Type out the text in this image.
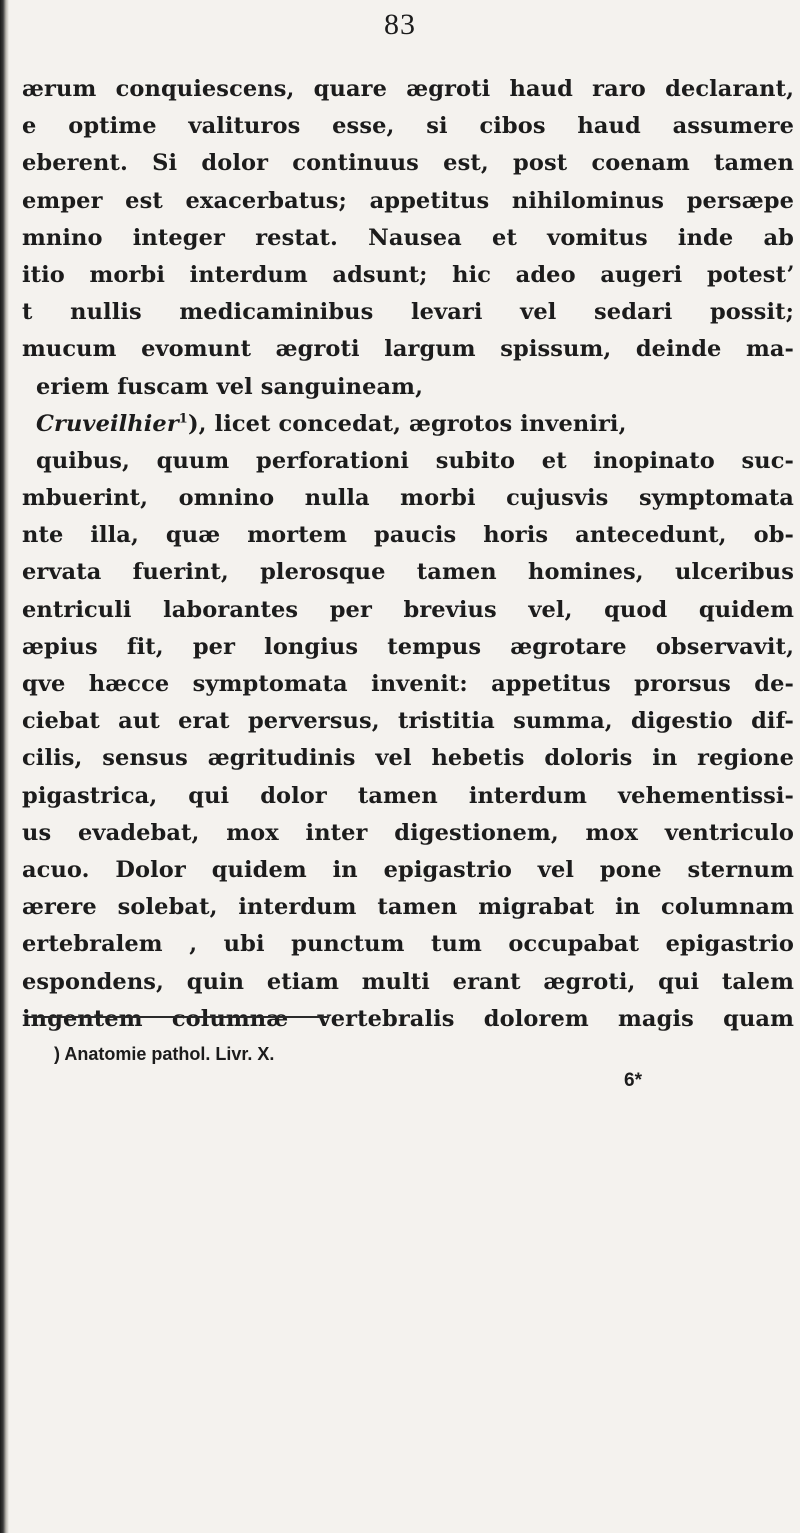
83
ærum conquiescens, quare ægroti haud raro declarant,
e optime valituros esse, si cibos haud assumere
eberent. Si dolor continuus est, post coenam tamen
emper est exacerbatus; appetitus nihilominus persæpe
mnino integer restat. Nausea et vomitus inde ab
itio morbi interdum adsunt; hic adeo augeri potestʼ
t nullis medicaminibus levari vel sedari possit;
mucum evomunt ægroti largum spissum, deinde ma-
eriem fuscam vel sanguineam,
Cruveilhier$^1$), licet concedat, ægrotos inveniri,
quibus, quum perforationi subito et inopinato suc-
mbuerint, omnino nulla morbi cujusvis symptomata
nte illa, quæ mortem paucis horis antecedunt, ob-
ervata fuerint, plerosque tamen homines, ulceribus
entriculi laborantes per brevius vel, quod quidem
æpius fit, per longius tempus ægrotare observavit,
qve hæcce symptomata invenit: appetitus prorsus de-
ciebat aut erat perversus, tristitia summa, digestio dif-
cilis, sensus ægritudinis vel hebetis doloris in regione
pigastrica, qui dolor tamen interdum vehementissi-
us evadebat, mox inter digestionem, mox ventriculo
acuo. Dolor quidem in epigastrio vel pone sternum
ærere solebat, interdum tamen migrabat in columnam
ertebralem , ubi punctum tum occupabat epigastrio
espondens, quin etiam multi erant ægroti, qui talem
ingentem columnæ vertebralis dolorem magis quam
) Anatomie pathol. Livr. X.
6*
